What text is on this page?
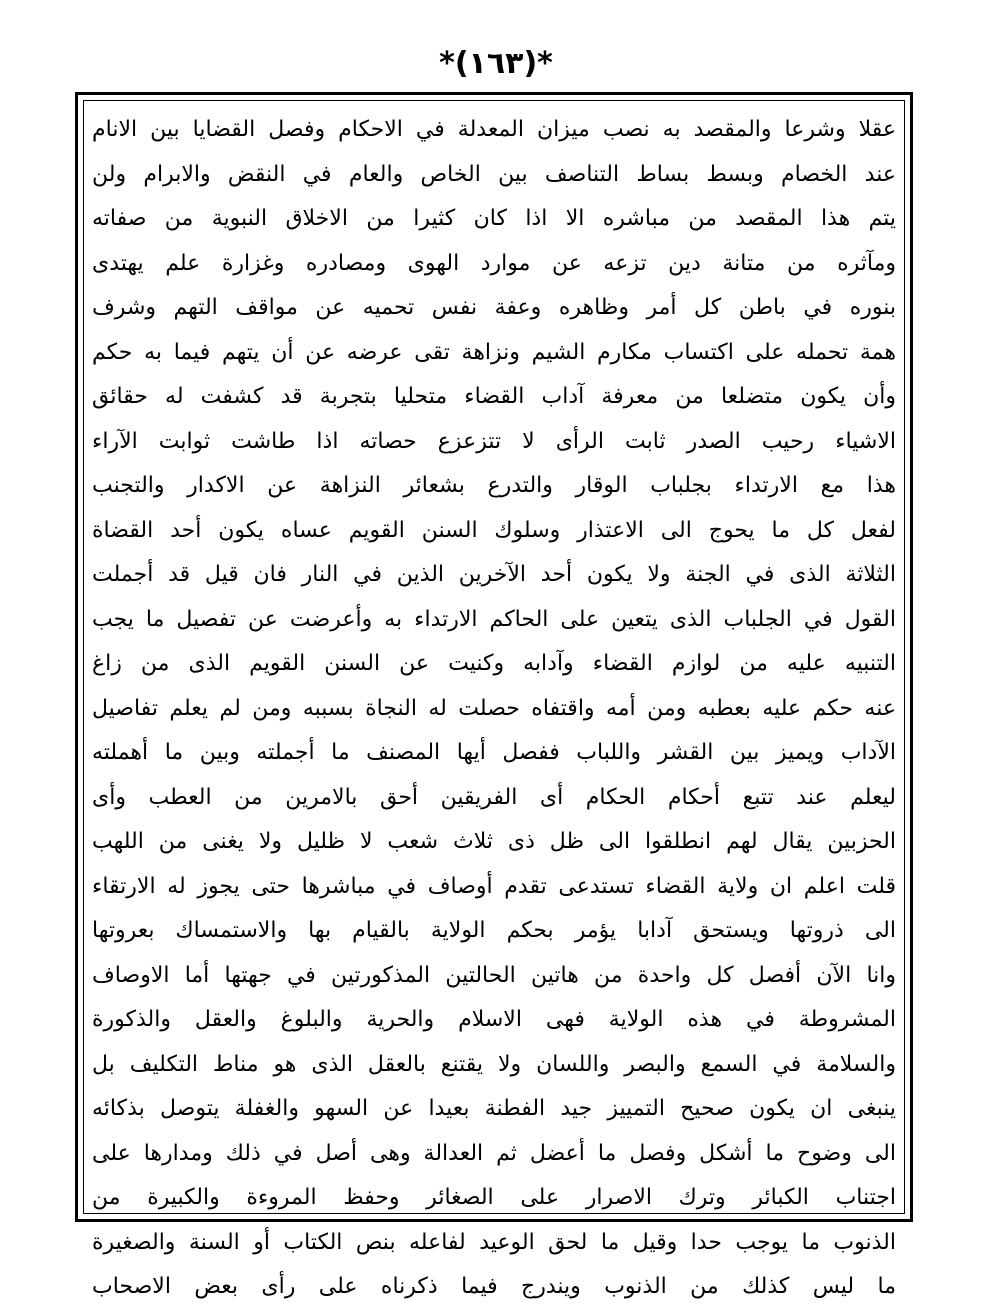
*(١٦٣)*
عقلا وشرعا والمقصد به نصب ميزان المعدلة في الاحكام وفصل القضايا بين الانام
عند الخصام وبسط بساط التناصف بين الخاص والعام في النقض والابرام ولن
يتم هذا المقصد من مباشره الا اذا كان كثيرا من الاخلاق النبوية من صفاته
ومآثره من متانة دين تزعه عن موارد الهوى ومصادره وغزارة علم يهتدى
بنوره في باطن كل أمر وظاهره وعفة نفس تحميه عن مواقف التهم وشرف
همة تحمله على اكتساب مكارم الشيم ونزاهة تقى عرضه عن أن يتهم فيما به حكم
وأن يكون متضلعا من معرفة آداب القضاء متحليا بتجربة قد كشفت له حقائق
الاشياء رحيب الصدر ثابت الرأى لا تتزعزع حصاته اذا طاشت ثوابت الآراء
هذا مع الارتداء بجلباب الوقار والتدرع بشعائر النزاهة عن الاكدار والتجنب
لفعل كل ما يحوج الى الاعتذار وسلوك السنن القويم عساه يكون أحد القضاة
الثلاثة الذى في الجنة ولا يكون أحد الآخرين الذين في النار فان قيل قد أجملت
القول في الجلباب الذى يتعين على الحاكم الارتداء به وأعرضت عن تفصيل ما يجب
التنبيه عليه من لوازم القضاء وآدابه وكنيت عن السنن القويم الذى من زاغ
عنه حكم عليه بعطبه ومن أمه واقتفاه حصلت له النجاة بسببه ومن لم يعلم تفاصيل
الآداب ويميز بين القشر واللباب ففصل أيها المصنف ما أجملته وبين ما أهملته
ليعلم عند تتبع أحكام الحكام أى الفريقين أحق بالامرين من العطب وأى
الحزبين يقال لهم انطلقوا الى ظل ذى ثلاث شعب لا ظليل ولا يغنى من اللهب
قلت اعلم ان ولاية القضاء تستدعى تقدم أوصاف في مباشرها حتى يجوز له الارتقاء
الى ذروتها ويستحق آدابا يؤمر بحكم الولاية بالقيام بها والاستمساك بعروتها
وانا الآن أفصل كل واحدة من هاتين الحالتين المذكورتين في جهتها أما الاوصاف
المشروطة في هذه الولاية فهى الاسلام والحرية والبلوغ والعقل والذكورة
والسلامة في السمع والبصر واللسان ولا يقتنع بالعقل الذى هو مناط التكليف بل
ينبغى ان يكون صحيح التمييز جيد الفطنة بعيدا عن السهو والغفلة يتوصل بذكائه
الى وضوح ما أشكل وفصل ما أعضل ثم العدالة وهى أصل في ذلك ومدارها على
اجتناب الكبائر وترك الاصرار على الصغائر وحفظ المروءة والكبيرة من
الذنوب ما يوجب حدا وقيل ما لحق الوعيد لفاعله بنص الكتاب أو السنة والصغيرة
ما ليس كذلك من الذنوب ويندرج فيما ذكرناه على رأى بعض الاصحاب
